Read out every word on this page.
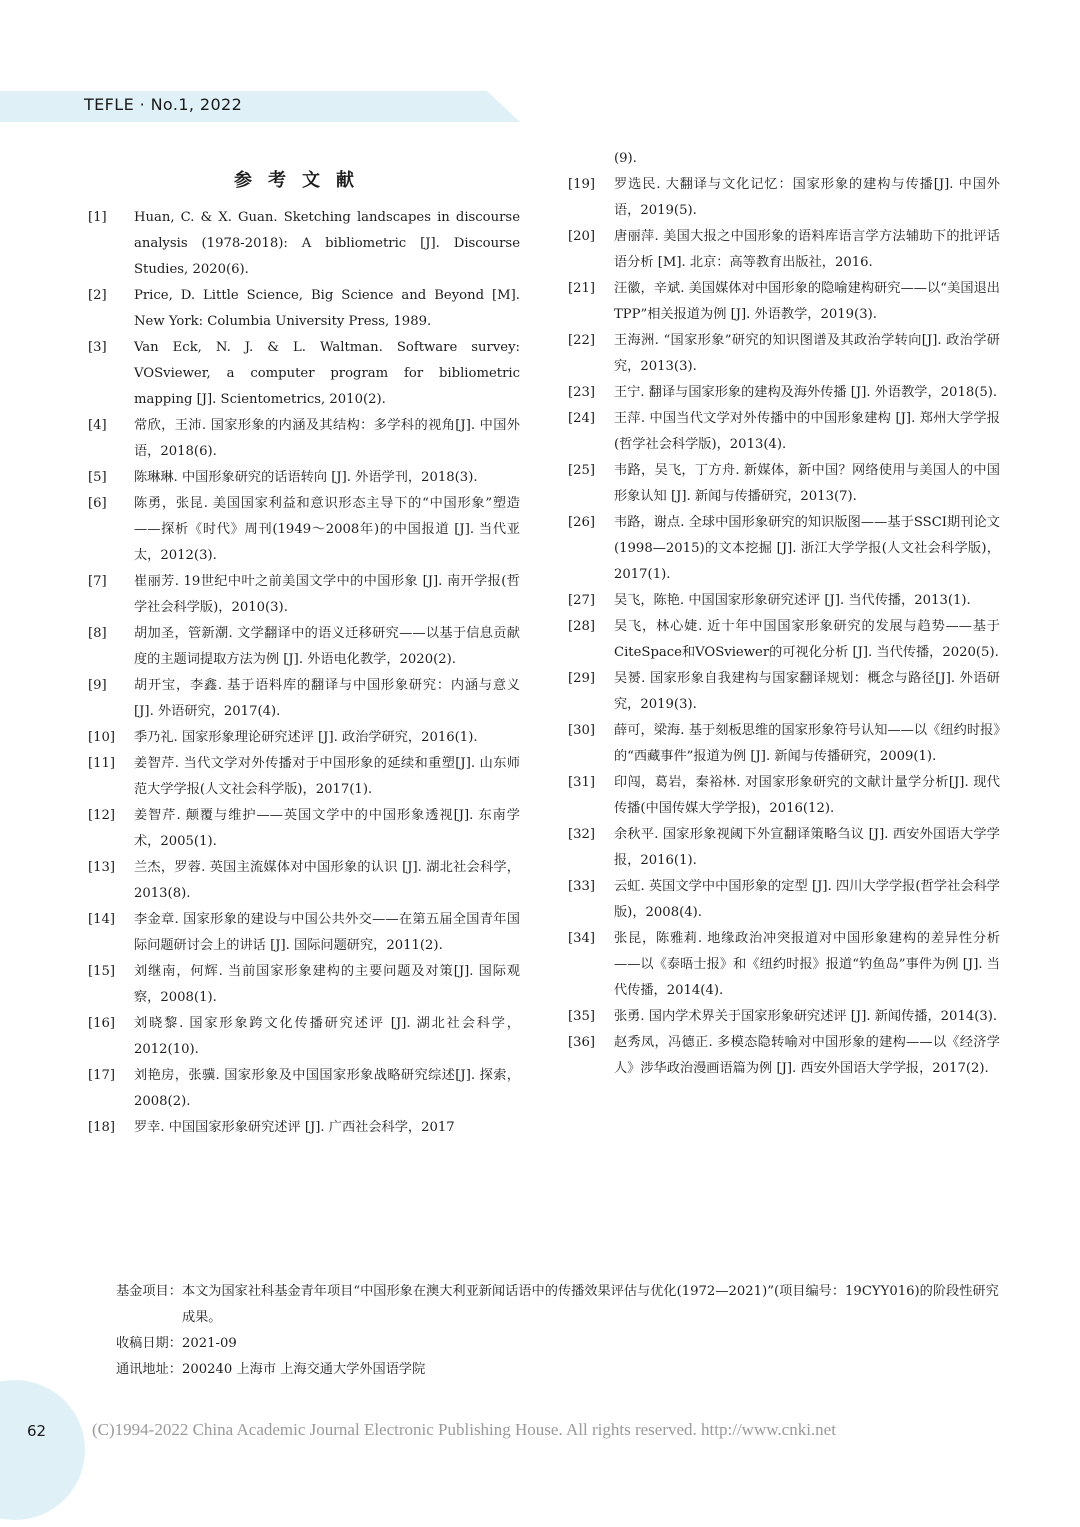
TEFLE · No.1, 2022
参考文献
[1]	Huan, C. & X. Guan. Sketching landscapes in discourse analysis (1978-2018): A bibliometric [J]. Discourse Studies, 2020(6).
[2]	Price, D. Little Science, Big Science and Beyond [M]. New York: Columbia University Press, 1989.
[3]	Van Eck, N. J. & L. Waltman. Software survey: VOSviewer, a computer program for bibliometric mapping [J]. Scientometrics, 2010(2).
[4]	常欣，王沛. 国家形象的内涵及其结构：多学科的视角[J]. 中国外语，2018(6).
[5]	陈琳琳. 中国形象研究的话语转向 [J]. 外语学刊，2018(3).
[6]	陈勇，张昆. 美国国家利益和意识形态主导下的“中国形象”塑造——探析《时代》周刊(1949～2008年)的中国报道 [J]. 当代亚太，2012(3).
[7]	崔丽芳. 19世纪中叶之前美国文学中的中国形象 [J]. 南开学报(哲学社会科学版)，2010(3).
[8]	胡加圣，管新潮. 文学翻译中的语义迁移研究——以基于信息贡献度的主题词提取方法为例 [J]. 外语电化教学，2020(2).
[9]	胡开宝，李鑫. 基于语料库的翻译与中国形象研究：内涵与意义 [J]. 外语研究，2017(4).
[10]	季乃礼. 国家形象理论研究述评 [J]. 政治学研究，2016(1).
[11]	姜智芹. 当代文学对外传播对于中国形象的延续和重塑[J]. 山东师范大学学报(人文社会科学版)，2017(1).
[12]	姜智芹. 颠覆与维护——英国文学中的中国形象透视[J]. 东南学术，2005(1).
[13]	兰杰，罗蓉. 英国主流媒体对中国形象的认识 [J]. 湖北社会科学，2013(8).
[14]	李金章. 国家形象的建设与中国公共外交——在第五届全国青年国际问题研讨会上的讲话 [J]. 国际问题研究，2011(2).
[15]	刘继南，何辉. 当前国家形象建构的主要问题及对策[J]. 国际观察，2008(1).
[16]	刘晓黎. 国家形象跨文化传播研究述评 [J]. 湖北社会科学，2012(10).
[17]	刘艳房，张骥. 国家形象及中国国家形象战略研究综述[J]. 探索，2008(2).
[18]	罗幸. 中国国家形象研究述评 [J]. 广西社会科学，2017
(9).
[19]	罗选民. 大翻译与文化记忆：国家形象的建构与传播[J]. 中国外语，2019(5).
[20]	唐丽萍. 美国大报之中国形象的语料库语言学方法辅助下的批评话语分析 [M]. 北京：高等教育出版社，2016.
[21]	汪徽，辛斌. 美国媒体对中国形象的隐喻建构研究——以“美国退出TPP”相关报道为例 [J]. 外语教学，2019(3).
[22]	王海洲. “国家形象”研究的知识图谱及其政治学转向[J]. 政治学研究，2013(3).
[23]	王宁. 翻译与国家形象的建构及海外传播 [J]. 外语教学，2018(5).
[24]	王萍. 中国当代文学对外传播中的中国形象建构 [J]. 郑州大学学报(哲学社会科学版)，2013(4).
[25]	韦路，吴飞，丁方舟. 新媒体，新中国？网络使用与美国人的中国形象认知 [J]. 新闻与传播研究，2013(7).
[26]	韦路，谢点. 全球中国形象研究的知识版图——基于SSCI期刊论文(1998—2015)的文本挖掘 [J]. 浙江大学学报(人文社会科学版)，2017(1).
[27]	吴飞，陈艳. 中国国家形象研究述评 [J]. 当代传播，2013(1).
[28]	吴飞，林心婕. 近十年中国国家形象研究的发展与趋势——基于CiteSpace和VOSviewer的可视化分析 [J]. 当代传播，2020(5).
[29]	吴赟. 国家形象自我建构与国家翻译规划：概念与路径[J]. 外语研究，2019(3).
[30]	薛可，梁海. 基于刻板思维的国家形象符号认知——以《纽约时报》的“西藏事件”报道为例 [J]. 新闻与传播研究，2009(1).
[31]	印闯，葛岩，秦裕林. 对国家形象研究的文献计量学分析[J]. 现代传播(中国传媒大学学报)，2016(12).
[32]	余秋平. 国家形象视阈下外宣翻译策略刍议 [J]. 西安外国语大学学报，2016(1).
[33]	云虹. 英国文学中中国形象的定型 [J]. 四川大学学报(哲学社会科学版)，2008(4).
[34]	张昆，陈雅莉. 地缘政治冲突报道对中国形象建构的差异性分析——以《泰晤士报》和《纽约时报》报道“钓鱼岛”事件为例 [J]. 当代传播，2014(4).
[35]	张勇. 国内学术界关于国家形象研究述评 [J]. 新闻传播，2014(3).
[36]	赵秀凤，冯德正. 多模态隐转喻对中国形象的建构——以《经济学人》涉华政治漫画语篇为例 [J]. 西安外国语大学学报，2017(2).
基金项目： 本文为国家社科基金青年项目“中国形象在澳大利亚新闻话语中的传播效果评估与优化(1972—2021)”(项目编号：19CYY016)的阶段性研究成果。
收稿日期： 2021-09
通讯地址： 200240 上海市 上海交通大学外国语学院
62	(C)1994-2022 China Academic Journal Electronic Publishing House. All rights reserved. http://www.cnki.net
